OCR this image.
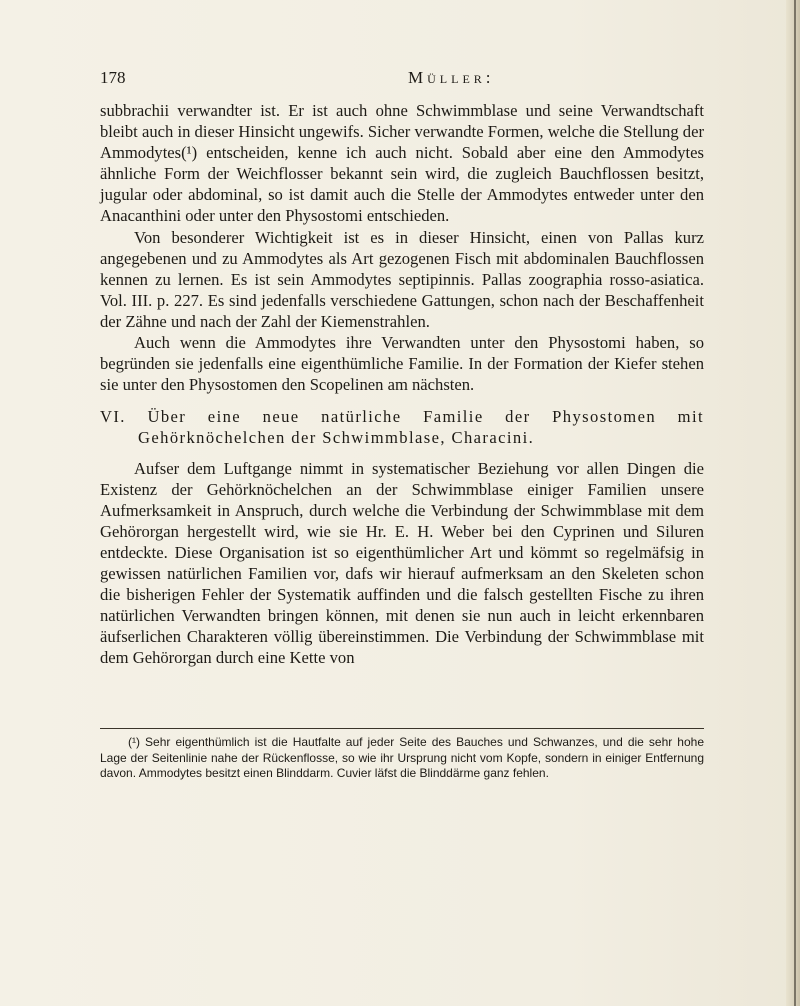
178	Müller:

subbrachii verwandter ist. Er ist auch ohne Schwimmblase und seine Verwandtschaft bleibt auch in dieser Hinsicht ungewifs. Sicher verwandte Formen, welche die Stellung der Ammodytes(¹) entscheiden, kenne ich auch nicht. Sobald aber eine den Ammodytes ähnliche Form der Weichflosser bekannt sein wird, die zugleich Bauchflossen besitzt, jugular oder abdominal, so ist damit auch die Stelle der Ammodytes entweder unter den Anacanthini oder unter den Physostomi entschieden.

Von besonderer Wichtigkeit ist es in dieser Hinsicht, einen von Pallas kurz angegebenen und zu Ammodytes als Art gezogenen Fisch mit abdominalen Bauchflossen kennen zu lernen. Es ist sein Ammodytes septipinnis. Pallas zoographia rosso-asiatica. Vol. III. p. 227. Es sind jedenfalls verschiedene Gattungen, schon nach der Beschaffenheit der Zähne und nach der Zahl der Kiemenstrahlen.

Auch wenn die Ammodytes ihre Verwandten unter den Physostomi haben, so begründen sie jedenfalls eine eigenthümliche Familie. In der Formation der Kiefer stehen sie unter den Physostomen den Scopelinen am nächsten.

VI. Über eine neue natürliche Familie der Physostomen mit
Gehörknöchelchen der Schwimmblase, Characini.

Aufser dem Luftgange nimmt in systematischer Beziehung vor allen Dingen die Existenz der Gehörknöchelchen an der Schwimmblase einiger Familien unsere Aufmerksamkeit in Anspruch, durch welche die Verbindung der Schwimmblase mit dem Gehörorgan hergestellt wird, wie sie Hr. E. H. Weber bei den Cyprinen und Siluren entdeckte. Diese Organisation ist so eigenthümlicher Art und kömmt so regelmäfsig in gewissen natürlichen Familien vor, dafs wir hierauf aufmerksam an den Skeleten schon die bisherigen Fehler der Systematik auffinden und die falsch gestellten Fische zu ihren natürlichen Verwandten bringen können, mit denen sie nun auch in leicht erkennbaren äufserlichen Charakteren völlig übereinstimmen. Die Verbindung der Schwimmblase mit dem Gehörorgan durch eine Kette von

(¹) Sehr eigenthümlich ist die Hautfalte auf jeder Seite des Bauches und Schwanzes, und die sehr hohe Lage der Seitenlinie nahe der Rückenflosse, so wie ihr Ursprung nicht vom Kopfe, sondern in einiger Entfernung davon. Ammodytes besitzt einen Blinddarm. Cuvier läfst die Blinddärme ganz fehlen.
